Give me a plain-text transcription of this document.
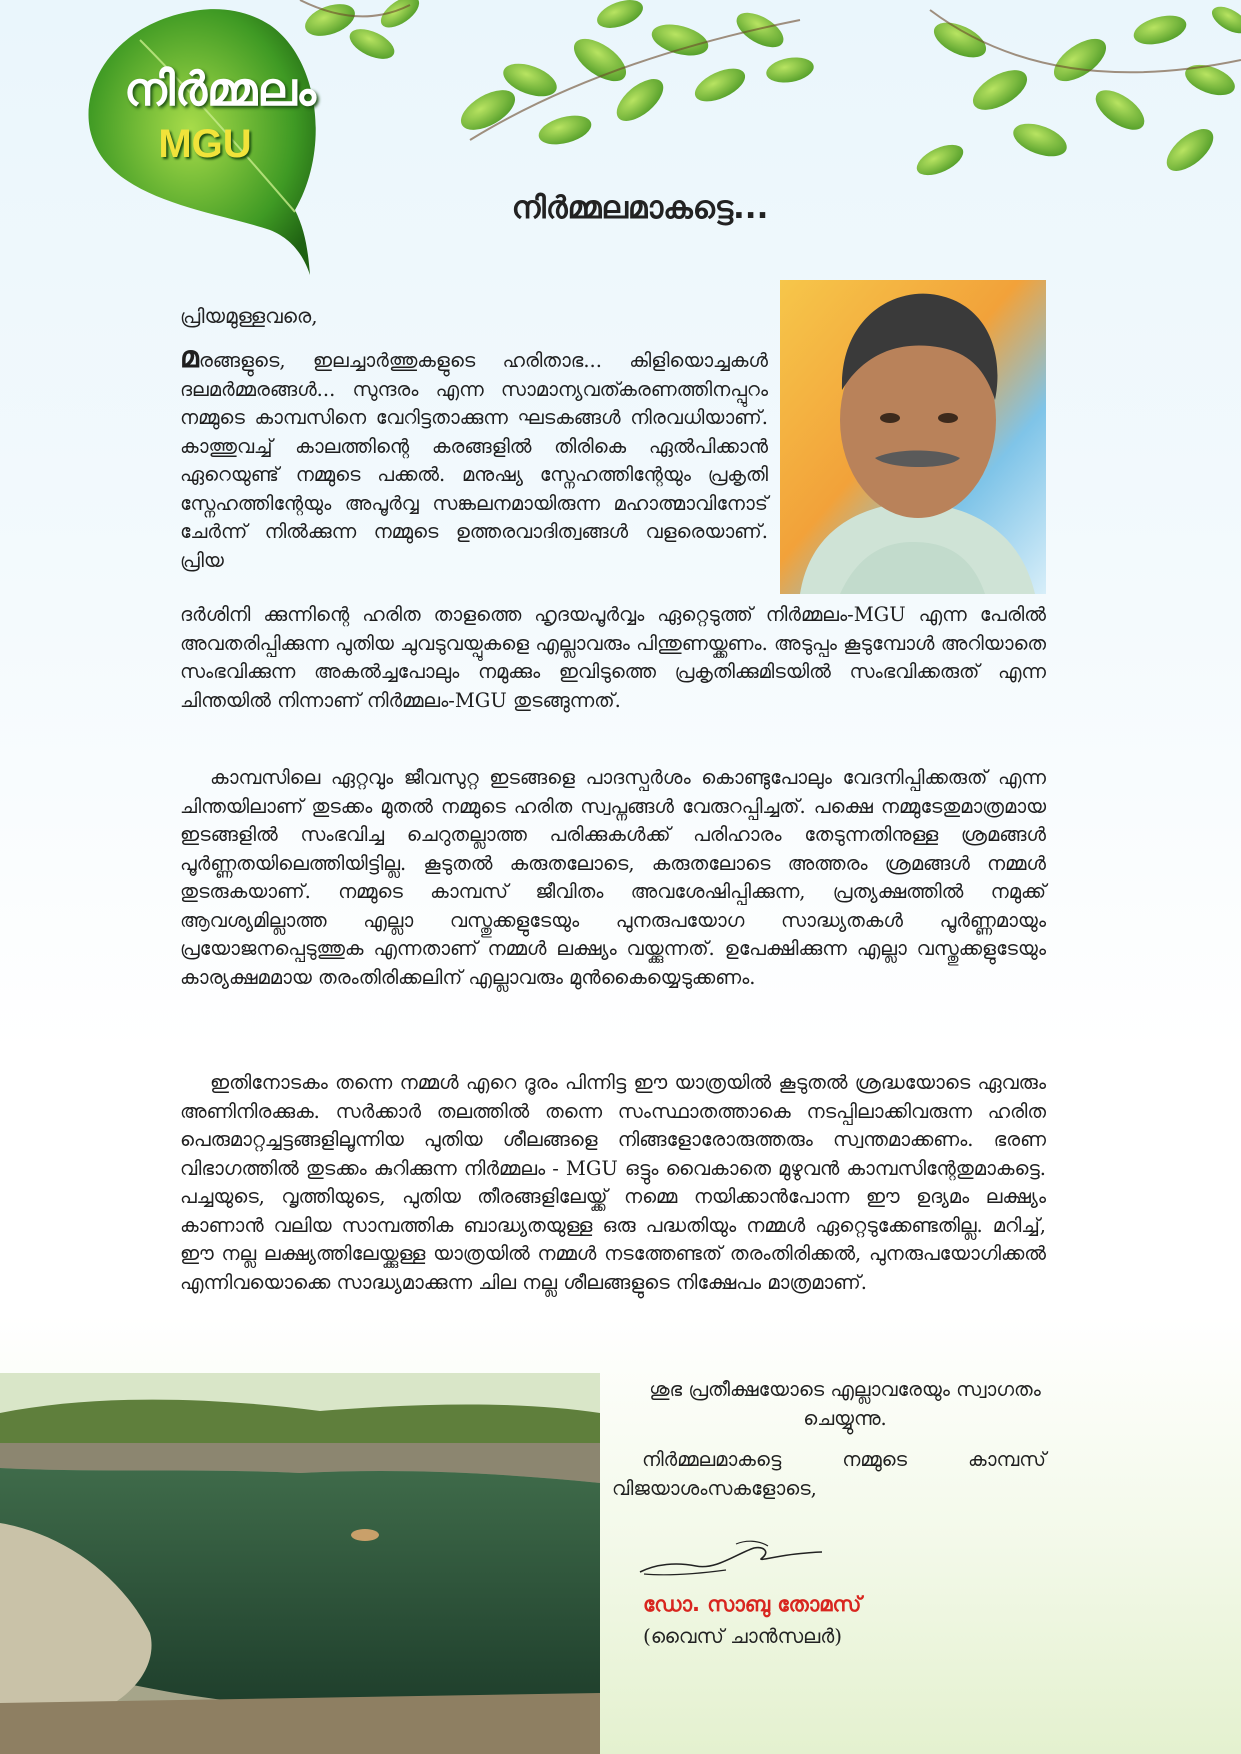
നിർമ്മലം
MGU
നിർമ്മലമാകട്ടെ...
പ്രിയമുള്ളവരെ,

മരങ്ങളുടെ, ഇലച്ചാർത്തുകളുടെ ഹരിതാഭ... കിളിയൊച്ചകൾ ദലമർമ്മരങ്ങൾ... സുന്ദരം എന്ന സാമാന്യവത്കരണത്തിനപ്പുറം നമ്മുടെ കാമ്പസിനെ വേറിട്ടതാക്കുന്ന ഘടകങ്ങൾ നിരവധിയാണ്. കാത്തുവച്ച് കാലത്തിന്റെ കരങ്ങളിൽ തിരികെ ഏൽപിക്കാൻ ഏറെയുണ്ട് നമ്മുടെ പക്കൽ. മനുഷ്യ സ്നേഹത്തിന്റേയും പ്രകൃതി സ്നേഹത്തിന്റേയും അപൂർവ്വ സങ്കലനമായിരുന്ന മഹാത്മാവിനോട് ചേർന്ന് നിൽക്കുന്ന നമ്മുടെ ഉത്തരവാദിത്വങ്ങൾ വളരെയാണ്. പ്രിയ

ദർശിനി ക്കുന്നിന്റെ ഹരിത താളത്തെ ഹൃദയപൂർവ്വം ഏറ്റെടുത്ത് നിർമ്മലം-MGU എന്ന പേരിൽ അവതരിപ്പിക്കുന്ന പുതിയ ചുവടുവയ്പുകളെ എല്ലാവരും പിന്തുണയ്ക്കണം. അടുപ്പം കൂടുമ്പോൾ അറിയാതെ സംഭവിക്കുന്ന അകൽച്ചപോലും നമുക്കും ഇവിടുത്തെ പ്രകൃതിക്കുമിടയിൽ സംഭവിക്കരുത് എന്ന ചിന്തയിൽ നിന്നാണ് നിർമ്മലം-MGU തുടങ്ങുന്നത്.

കാമ്പസിലെ ഏറ്റവും ജീവസുറ്റ ഇടങ്ങളെ പാദസ്പർശം കൊണ്ടുപോലും വേദനിപ്പിക്കരുത് എന്ന ചിന്തയിലാണ് തുടക്കം മുതൽ നമ്മുടെ ഹരിത സ്വപ്നങ്ങൾ വേരുറപ്പിച്ചത്. പക്ഷെ നമ്മുടേതുമാത്രമായ ഇടങ്ങളിൽ സംഭവിച്ച ചെറുതല്ലാത്ത പരിക്കുകൾക്ക് പരിഹാരം തേടുന്നതിനുള്ള ശ്രമങ്ങൾ പൂർണ്ണതയിലെത്തിയിട്ടില്ല. കൂടുതൽ കരുതലോടെ, കരുതലോടെ അത്തരം ശ്രമങ്ങൾ നമ്മൾ തുടരുകയാണ്. നമ്മുടെ കാമ്പസ് ജീവിതം അവശേഷിപ്പിക്കുന്ന, പ്രത്യക്ഷത്തിൽ നമുക്ക് ആവശ്യമില്ലാത്ത എല്ലാ വസ്തുക്കളുടേയും പുനരുപയോഗ സാദ്ധ്യതകൾ പൂർണ്ണമായും പ്രയോജനപ്പെടുത്തുക എന്നതാണ് നമ്മൾ ലക്ഷ്യം വയ്ക്കുന്നത്. ഉപേക്ഷിക്കുന്ന എല്ലാ വസ്തുക്കളുടേയും കാര്യക്ഷമമായ തരംതിരിക്കലിന് എല്ലാവരും മുൻകൈയ്യെടുക്കണം.

ഇതിനോടകം തന്നെ നമ്മൾ എറെ ദൂരം പിന്നിട്ട ഈ യാത്രയിൽ കൂടുതൽ ശ്രദ്ധയോടെ ഏവരും അണിനിരക്കുക. സർക്കാർ തലത്തിൽ തന്നെ സംസ്ഥാതത്താകെ നടപ്പിലാക്കിവരുന്ന ഹരിത പെരുമാറ്റച്ചട്ടങ്ങളിലൂന്നിയ പുതിയ ശീലങ്ങളെ നിങ്ങളോരോരുത്തരും സ്വന്തമാക്കണം. ഭരണ വിഭാഗത്തിൽ തുടക്കം കുറിക്കുന്ന നിർമ്മലം - MGU ഒട്ടും വൈകാതെ മുഴുവൻ കാമ്പസിന്റേതുമാകട്ടെ. പച്ചയുടെ, വൃത്തിയുടെ, പുതിയ തീരങ്ങളിലേയ്ക്ക് നമ്മെ നയിക്കാൻപോന്ന ഈ ഉദ്യമം ലക്ഷ്യം കാണാൻ വലിയ സാമ്പത്തിക ബാദ്ധ്യതയുള്ള ഒരു പദ്ധതിയും നമ്മൾ ഏറ്റെടുക്കേണ്ടതില്ല. മറിച്ച്, ഈ നല്ല ലക്ഷ്യത്തിലേയ്ക്കുള്ള യാത്രയിൽ നമ്മൾ നടത്തേണ്ടത് തരംതിരിക്കൽ, പുനരുപയോഗിക്കൽ എന്നിവയൊക്കെ സാദ്ധ്യമാക്കുന്ന ചില നല്ല ശീലങ്ങളുടെ നിക്ഷേപം മാത്രമാണ്.

ശുഭ പ്രതീക്ഷയോടെ എല്ലാവരേയും സ്വാഗതം ചെയ്യുന്നു.

നിർമ്മലമാകട്ടെ നമ്മുടെ കാമ്പസ് വിജയാശംസകളോടെ,

ഡോ. സാബു തോമസ്
(വൈസ് ചാൻസലർ)
